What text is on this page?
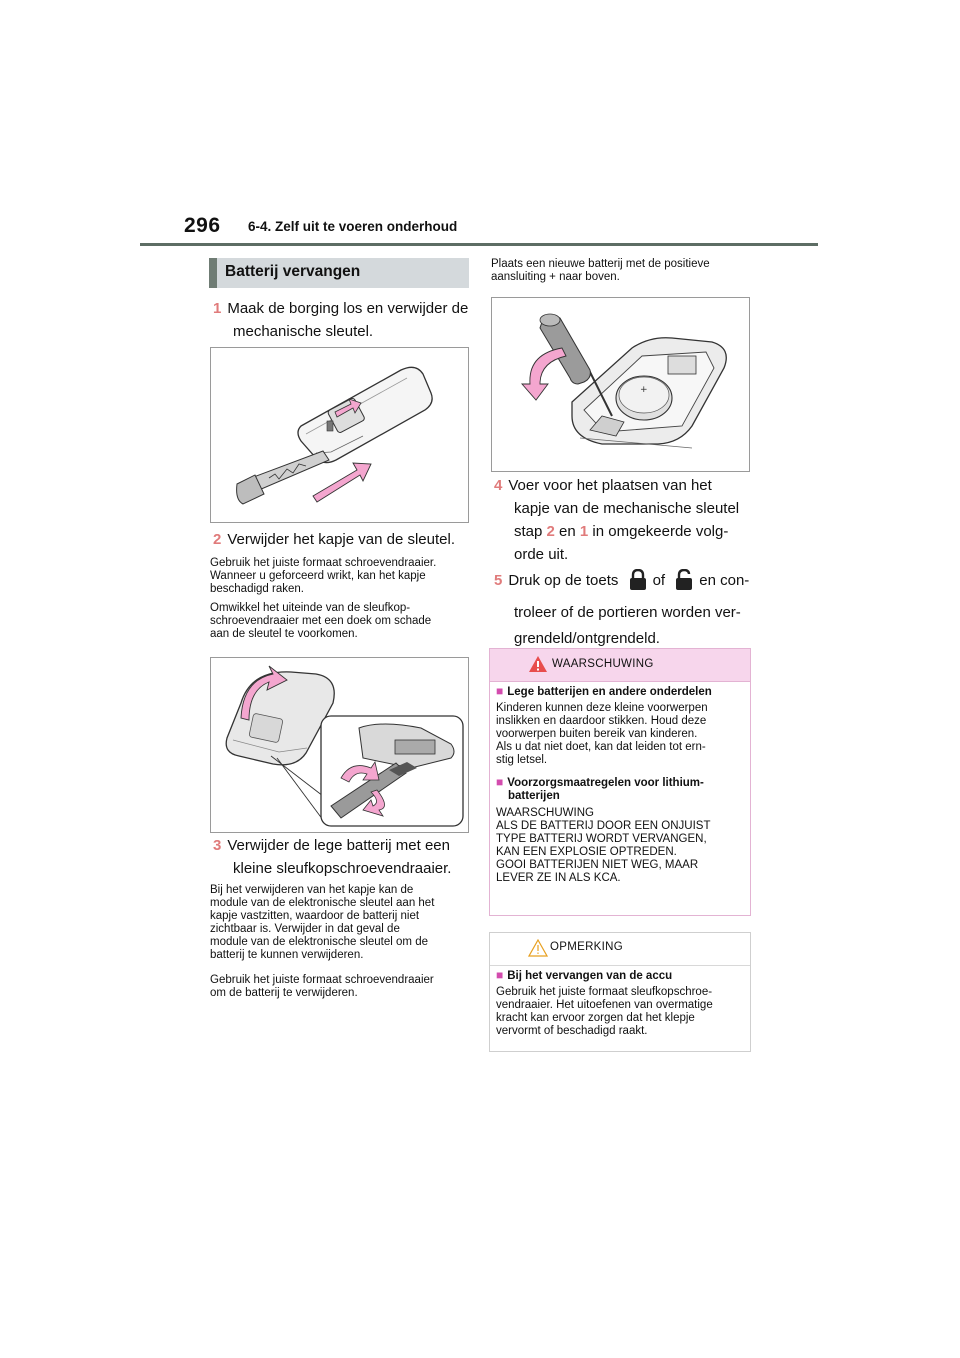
296 6-4. Zelf uit te voeren onderhoud
Batterij vervangen
1 Maak de borging los en verwijder de
mechanische sleutel.
2 Verwijder het kapje van de sleutel.
Gebruik het juiste formaat schroevendraaier.
Wanneer u geforceerd wrikt, kan het kapje
beschadigd raken.
Omwikkel het uiteinde van de sleufkop-
schroevendraaier met een doek om schade
aan de sleutel te voorkomen.
3 Verwijder de lege batterij met een
kleine sleufkopschroevendraaier.
Bij het verwijderen van het kapje kan de
module van de elektronische sleutel aan het
kapje vastzitten, waardoor de batterij niet
zichtbaar is. Verwijder in dat geval de
module van de elektronische sleutel om de
batterij te kunnen verwijderen.
Gebruik het juiste formaat schroevendraaier
om de batterij te verwijderen.
Plaats een nieuwe batterij met de positieve
aansluiting + naar boven.
+
4 Voer voor het plaatsen van het
kapje van de mechanische sleutel
stap 2 en 1 in omgekeerde volg-
orde uit.
5 Druk op de toets of en con-
troleer of de portieren worden ver-
grendeld/ontgrendeld.
WAARSCHUWING
■ Lege batterijen en andere onderdelen
Kinderen kunnen deze kleine voorwerpen
inslikken en daardoor stikken. Houd deze
voorwerpen buiten bereik van kinderen.
Als u dat niet doet, kan dat leiden tot ern-
stig letsel.
■ Voorzorgsmaatregelen voor lithium-
batterijen
WAARSCHUWING
ALS DE BATTERIJ DOOR EEN ONJUIST
TYPE BATTERIJ WORDT VERVANGEN,
KAN EEN EXPLOSIE OPTREDEN.
GOOI BATTERIJEN NIET WEG, MAAR
LEVER ZE IN ALS KCA.
OPMERKING
■ Bij het vervangen van de accu
Gebruik het juiste formaat sleufkopschroe-
vendraaier. Het uitoefenen van overmatige
kracht kan ervoor zorgen dat het klepje
vervormt of beschadigd raakt.
